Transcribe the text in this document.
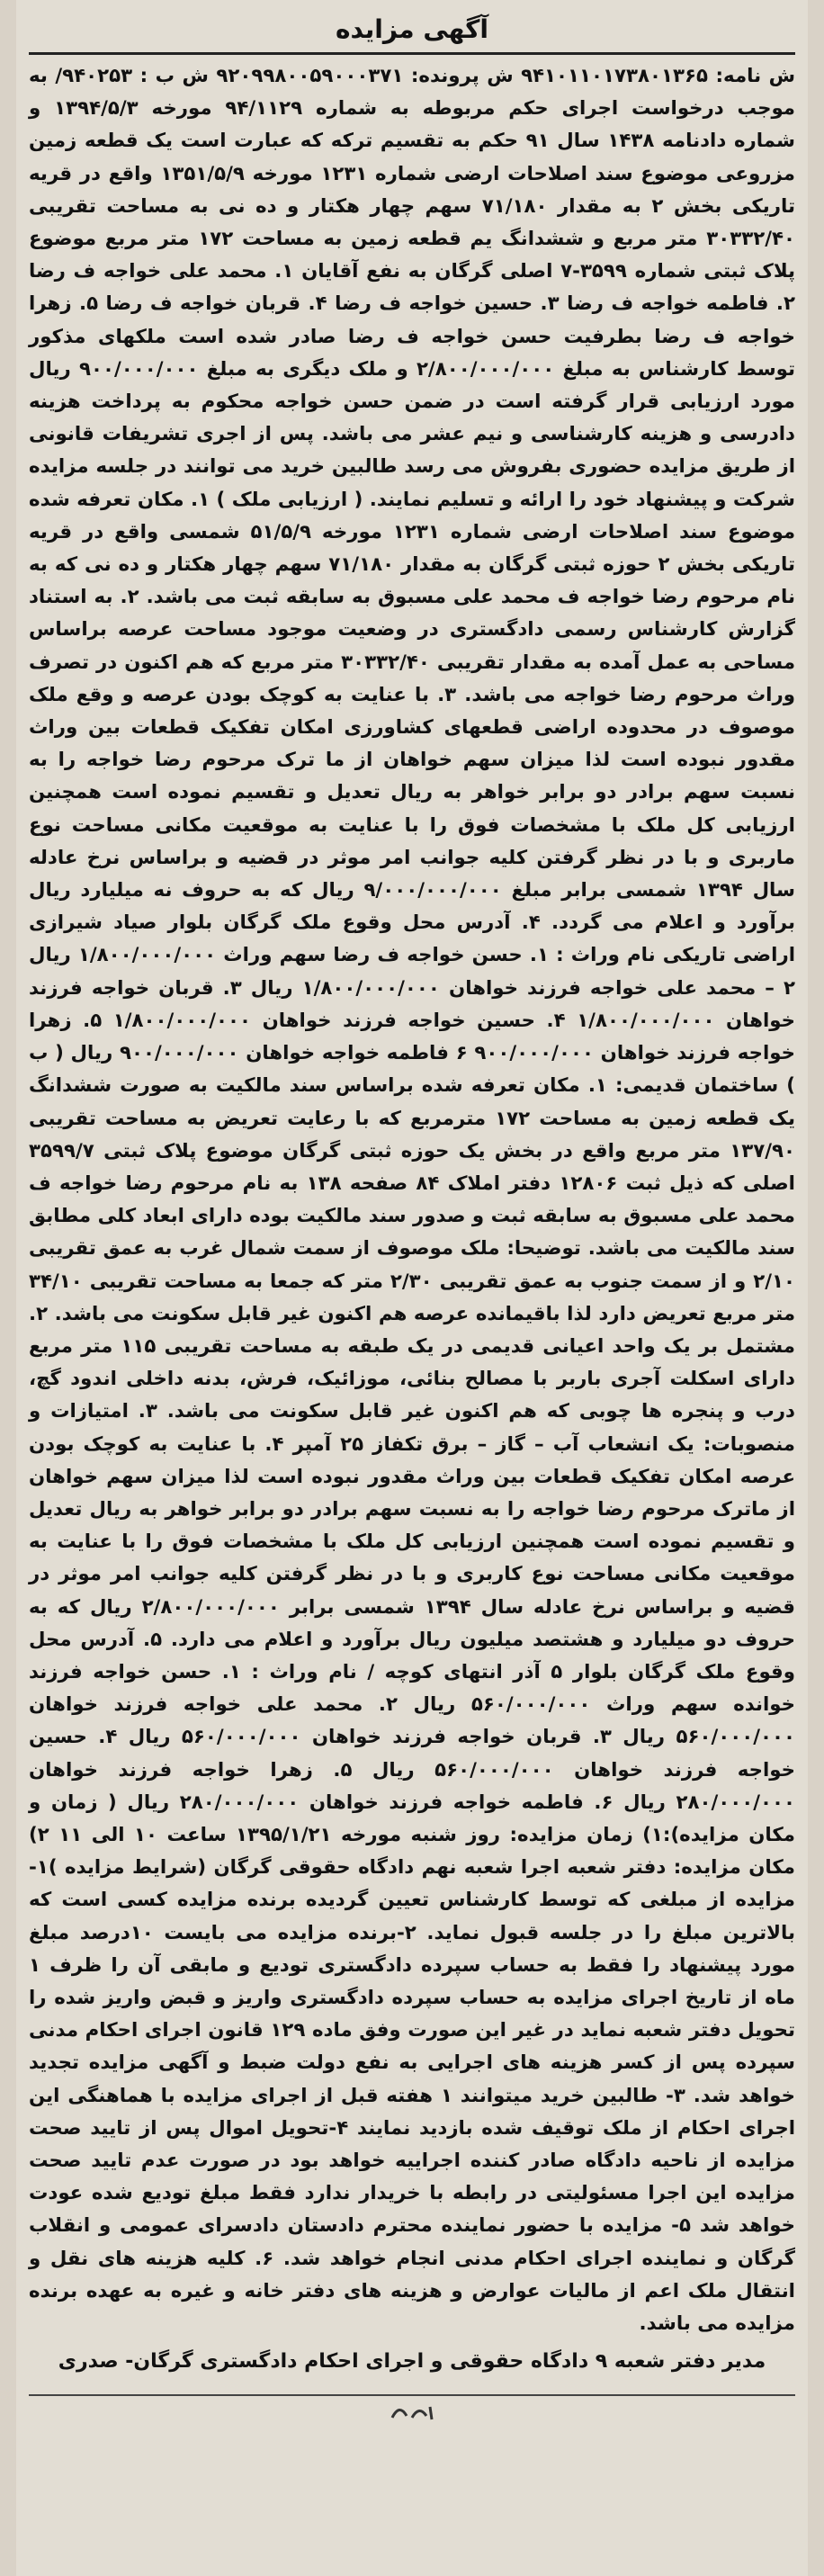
آگهی مزایده

ش نامه: ۹۴۱۰۱۱۰۱۷۳۸۰۱۳۶۵ ش پرونده: ۹۲۰۹۹۸۰۰۵۹۰۰۰۳۷۱ ش ب : ۹۴۰۲۵۳/ به موجب درخواست اجرای حکم مربوطه به شماره ۹۴/۱۱۲۹ مورخه ۱۳۹۴/۵/۳ و شماره دادنامه ۱۴۳۸ سال ۹۱ حکم به تقسیم ترکه که عبارت است یک قطعه زمین مزروعی موضوع سند اصلاحات ارضی شماره ۱۲۳۱ مورخه ۱۳۵۱/۵/۹ واقع در قریه تاریکی بخش ۲ به مقدار ۷۱/۱۸۰ سهم چهار هکتار و ده نی به مساحت تقریبی ۳۰۳۳۲/۴۰ متر مربع و ششدانگ یم قطعه زمین به مساحت ۱۷۲ متر مربع موضوع پلاک ثبتی شماره ۳۵۹۹-۷ اصلی گرگان به نفع آقایان ۱. محمد علی خواجه ف رضا ۲. فاطمه خواجه ف رضا ۳. حسین خواجه ف رضا ۴. قربان خواجه ف رضا ۵. زهرا خواجه ف رضا بطرفیت حسن خواجه ف رضا صادر شده است ملکهای مذکور توسط کارشناس به مبلغ ۲/۸۰۰/۰۰۰/۰۰۰ و ملک دیگری به مبلغ ۹۰۰/۰۰۰/۰۰۰ ریال مورد ارزیابی قرار گرفته است در ضمن حسن خواجه محکوم به پرداخت هزینه دادرسی و هزینه کارشناسی و نیم عشر می باشد. پس از اجری تشریفات قانونی از طریق مزایده حضوری بفروش می رسد طالبین خرید می توانند در جلسه مزایده شرکت و پیشنهاد خود را ارائه و تسلیم نمایند. ( ارزیابی ملک ) ۱. مکان تعرفه شده موضوع سند اصلاحات ارضی شماره ۱۲۳۱ مورخه ۵۱/۵/۹ شمسی واقع در قریه تاریکی بخش ۲ حوزه ثبتی گرگان به مقدار ۷۱/۱۸۰ سهم چهار هکتار و ده نی که به نام مرحوم رضا خواجه ف محمد علی مسبوق به سابقه ثبت می باشد. ۲. به استناد گزارش کارشناس رسمی دادگستری در وضعیت موجود مساحت عرصه براساس مساحی به عمل آمده به مقدار تقریبی ۳۰۳۳۲/۴۰ متر مربع که هم اکنون در تصرف وراث مرحوم رضا خواجه می باشد. ۳. با عنایت به کوچک بودن عرصه و وقع ملک موصوف در محدوده اراضی قطعهای کشاورزی امکان تفکیک قطعات بین وراث مقدور نبوده است لذا میزان سهم خواهان از ما ترک مرحوم رضا خواجه را به نسبت سهم برادر دو برابر خواهر به ریال تعدیل و تقسیم نموده است همچنین ارزیابی کل ملک با مشخصات فوق را با عنایت به موقعیت مکانی مساحت نوع ماربری و با در نظر گرفتن کلیه جوانب امر موثر در قضیه و براساس نرخ عادله سال ۱۳۹۴ شمسی برابر مبلغ ۹/۰۰۰/۰۰۰/۰۰۰ ریال که به حروف نه میلیارد ریال برآورد و اعلام می گردد. ۴. آدرس محل وقوع ملک گرگان بلوار صیاد شیرازی اراضی تاریکی نام وراث : ۱. حسن خواجه ف رضا سهم وراث ۱/۸۰۰/۰۰۰/۰۰۰ ریال ۲ – محمد علی خواجه فرزند خواهان ۱/۸۰۰/۰۰۰/۰۰۰ ریال ۳. قربان خواجه فرزند خواهان ۱/۸۰۰/۰۰۰/۰۰۰ ۴. حسین خواجه فرزند خواهان ۱/۸۰۰/۰۰۰/۰۰۰ ۵. زهرا خواجه فرزند خواهان ۹۰۰/۰۰۰/۰۰۰ ۶ فاطمه خواجه خواهان ۹۰۰/۰۰۰/۰۰۰ ریال ( ب ) ساختمان قدیمی: ۱. مکان تعرفه شده براساس سند مالکیت به صورت ششدانگ یک قطعه زمین به مساحت ۱۷۲ مترمربع که با رعایت تعریض به مساحت تقریبی ۱۳۷/۹۰ متر مربع واقع در بخش یک حوزه ثبتی گرگان موضوع پلاک ثبتی ۳۵۹۹/۷ اصلی که ذیل ثبت ۱۲۸۰۶ دفتر املاک ۸۴ صفحه ۱۳۸ به نام مرحوم رضا خواجه ف محمد علی مسبوق به سابقه ثبت و صدور سند مالکیت بوده دارای ابعاد کلی مطابق سند مالکیت می باشد. توضیحا: ملک موصوف از سمت شمال غرب به عمق تقریبی ۲/۱۰ و از سمت جنوب به عمق تقریبی ۲/۳۰ متر که جمعا به مساحت تقریبی ۳۴/۱۰ متر مربع تعریض دارد لذا باقیمانده عرصه هم اکنون غیر قابل سکونت می باشد. ۲. مشتمل بر یک واحد اعیانی قدیمی در یک طبقه به مساحت تقریبی ۱۱۵ متر مربع دارای اسکلت آجری باربر با مصالح بنائی، موزائیک، فرش، بدنه داخلی اندود گچ، درب و پنجره ها چوبی که هم اکنون غیر قابل سکونت می باشد. ۳. امتیازات و منصوبات: یک انشعاب آب – گاز – برق تکفاز ۲۵ آمپر ۴. با عنایت به کوچک بودن عرصه امکان تفکیک قطعات بین وراث مقدور نبوده است لذا میزان سهم خواهان از ماترک مرحوم رضا خواجه را به نسبت سهم برادر دو برابر خواهر به ریال تعدیل و تقسیم نموده است همچنین ارزیابی کل ملک با مشخصات فوق را با عنایت به موقعیت مکانی مساحت نوع کاربری و با در نظر گرفتن کلیه جوانب امر موثر در قضیه و براساس نرخ عادله سال ۱۳۹۴ شمسی برابر ۲/۸۰۰/۰۰۰/۰۰۰ ریال که به حروف دو میلیارد و هشتصد میلیون ریال برآورد و اعلام می دارد. ۵. آدرس محل وقوع ملک گرگان بلوار ۵ آذر انتهای کوچه / نام وراث : ۱. حسن خواجه فرزند خوانده سهم وراث ۵۶۰/۰۰۰/۰۰۰ ریال ۲. محمد علی خواجه فرزند خواهان ۵۶۰/۰۰۰/۰۰۰ ریال ۳. قربان خواجه فرزند خواهان ۵۶۰/۰۰۰/۰۰۰ ریال ۴. حسین خواجه فرزند خواهان ۵۶۰/۰۰۰/۰۰۰ ریال ۵. زهرا خواجه فرزند خواهان ۲۸۰/۰۰۰/۰۰۰ ریال ۶. فاطمه خواجه فرزند خواهان ۲۸۰/۰۰۰/۰۰۰ ریال ( زمان و مکان مزایده):۱) زمان مزایده: روز شنبه مورخه ۱۳۹۵/۱/۲۱ ساعت ۱۰ الی ۱۱ ۲) مکان مزایده: دفتر شعبه اجرا شعبه نهم دادگاه حقوقی گرگان (شرایط مزایده )۱- مزایده از مبلغی که توسط کارشناس تعیین گردیده برنده مزایده کسی است که بالاترین مبلغ را در جلسه قبول نماید. ۲-برنده مزایده می بایست ۱۰درصد مبلغ مورد پیشنهاد را فقط به حساب سپرده دادگستری تودیع و مابقی آن را ظرف ۱ ماه از تاریخ اجرای مزایده به حساب سپرده دادگستری واریز و قبض واریز شده را تحویل دفتر شعبه نماید در غیر این صورت وفق ماده ۱۲۹ قانون اجرای احکام مدنی سپرده پس از کسر هزینه های اجرایی به نفع دولت ضبط و آگهی مزایده تجدید خواهد شد. ۳- طالبین خرید میتوانند ۱ هفته قبل از اجرای مزایده با هماهنگی این اجرای احکام از ملک توقیف شده بازدید نمایند ۴-تحویل اموال پس از تایید صحت مزایده از ناحیه دادگاه صادر کننده اجراییه خواهد بود در صورت عدم تایید صحت مزایده این اجرا مسئولیتی در رابطه با خریدار ندارد فقط مبلغ تودیع شده عودت خواهد شد ۵- مزایده با حضور نماینده محترم دادستان دادسرای عمومی و انقلاب گرگان و نماینده اجرای احکام مدنی انجام خواهد شد. ۶. کلیه هزینه های نقل و انتقال ملک اعم از مالیات عوارض و هزینه های دفتر خانه و غیره به عهده برنده مزایده می باشد.

مدیر دفتر شعبه ۹ دادگاه حقوقی و اجرای احکام دادگستری گرگان- صدری
